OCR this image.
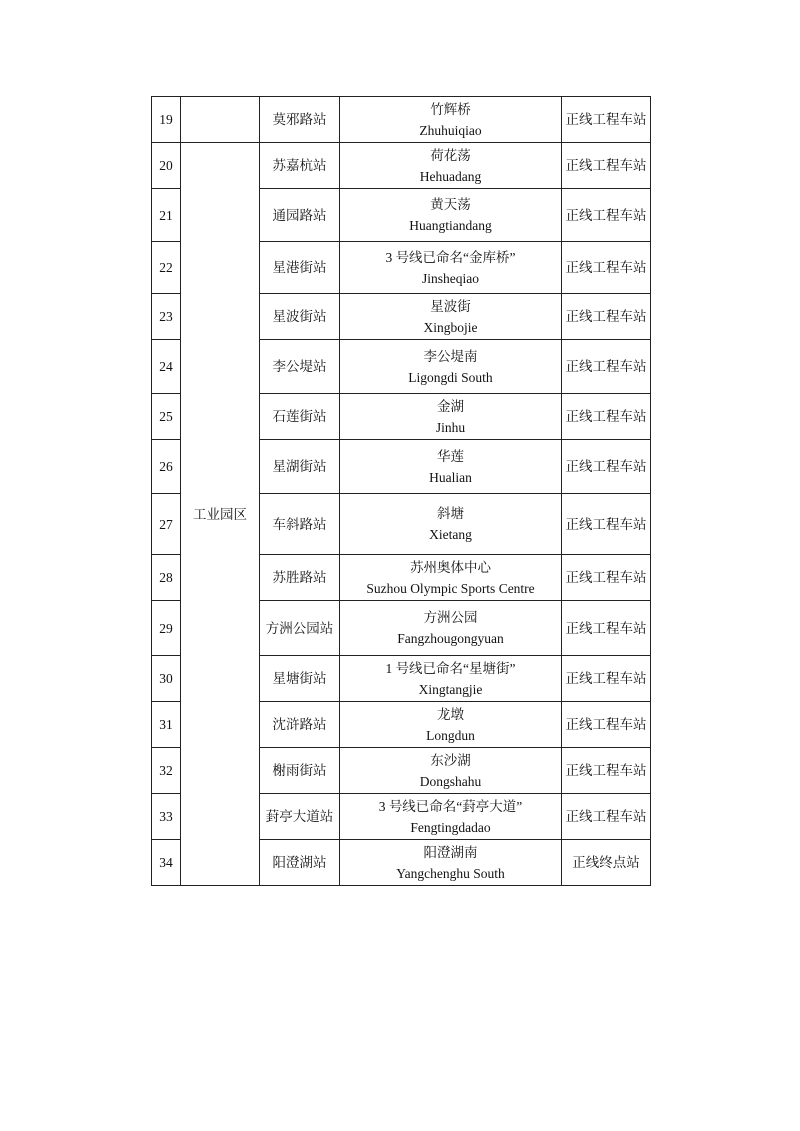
19		莫邪路站	竹辉桥
Zhuhuiqiao	正线工程车站
20	工业园区	苏嘉杭站	荷花荡
Hehuadang	正线工程车站
21		通园路站	黄天荡
Huangtiandang	正线工程车站
22		星港街站	3 号线已命名“金库桥”
Jinsheqiao	正线工程车站
23		星波街站	星波街
Xingbojie	正线工程车站
24		李公堤站	李公堤南
Ligongdi South	正线工程车站
25		石莲街站	金湖
Jinhu	正线工程车站
26		星湖街站	华莲
Hualian	正线工程车站
27		车斜路站	斜塘
Xietang	正线工程车站
28		苏胜路站	苏州奥体中心
Suzhou Olympic Sports Centre	正线工程车站
29		方洲公园站	方洲公园
Fangzhougongyuan	正线工程车站
30		星塘街站	1 号线已命名“星塘街”
Xingtangjie	正线工程车站
31		沈浒路站	龙墩
Longdun	正线工程车站
32		榭雨街站	东沙湖
Dongshahu	正线工程车站
33		葑亭大道站	3 号线已命名“葑亭大道”
Fengtingdadao	正线工程车站
34		阳澄湖站	阳澄湖南
Yangchenghu South	正线终点站
